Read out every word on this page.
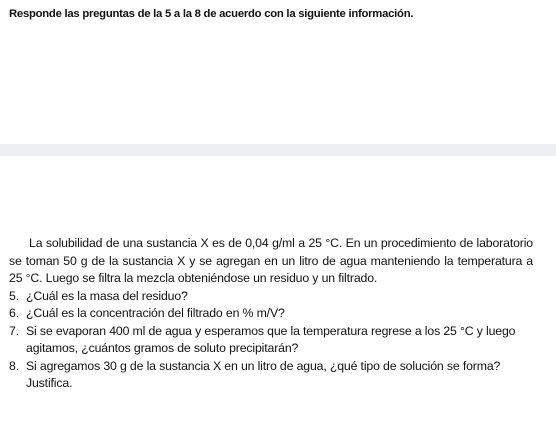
Responde las preguntas de la 5 a la 8 de acuerdo con la siguiente información.

La solubilidad de una sustancia X es de 0,04 g/ml a 25 °C. En un procedimiento de laboratorio se toman 50 g de la sustancia X y se agregan en un litro de agua manteniendo la temperatura a 25 °C. Luego se filtra la mezcla obteniéndose un residuo y un filtrado.

5. ¿Cuál es la masa del residuo?
6. ¿Cuál es la concentración del filtrado en % m/V?
7. Si se evaporan 400 ml de agua y esperamos que la temperatura regrese a los 25 °C y luego agitamos, ¿cuántos gramos de soluto precipitarán?
8. Si agregamos 30 g de la sustancia X en un litro de agua, ¿qué tipo de solución se forma? Justifica.
